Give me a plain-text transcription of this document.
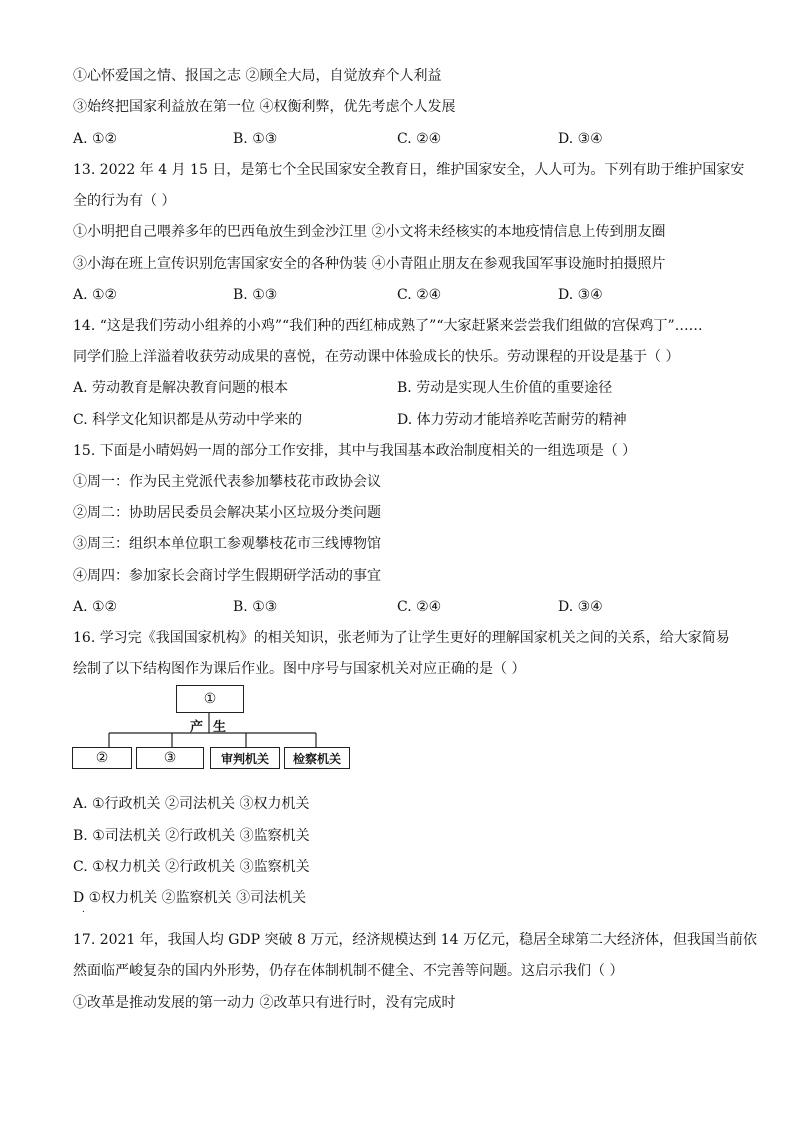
①心怀爱国之情、报国之志 ②顾全大局，自觉放弃个人利益
③始终把国家利益放在第一位 ④权衡利弊，优先考虑个人发展
A. ①②	B. ①③	C. ②④	D. ③④
13. 2022 年 4 月 15 日，是第七个全民国家安全教育日，维护国家安全，人人可为。下列有助于维护国家安
全的行为有（ ）
①小明把自己喂养多年的巴西龟放生到金沙江里 ②小文将未经核实的本地疫情信息上传到朋友圈
③小海在班上宣传识别危害国家安全的各种伪装 ④小青阻止朋友在参观我国军事设施时拍摄照片
A. ①②	B. ①③	C. ②④	D. ③④
14. “这是我们劳动小组养的小鸡”“我们种的西红柿成熟了”“大家赶紧来尝尝我们组做的宫保鸡丁”……
同学们脸上洋溢着收获劳动成果的喜悦，在劳动课中体验成长的快乐。劳动课程的开设是基于（ ）
A. 劳动教育是解决教育问题的根本	B. 劳动是实现人生价值的重要途径
C. 科学文化知识都是从劳动中学来的	D. 体力劳动才能培养吃苦耐劳的精神
15. 下面是小晴妈妈一周的部分工作安排，其中与我国基本政治制度相关的一组选项是（ ）
①周一：作为民主党派代表参加攀枝花市政协会议
②周二：协助居民委员会解决某小区垃圾分类问题
③周三：组织本单位职工参观攀枝花市三线博物馆
④周四：参加家长会商讨学生假期研学活动的事宜
A. ①②	B. ①③	C. ②④	D. ③④
16. 学习完《我国国家机构》的相关知识，张老师为了让学生更好的理解国家机关之间的关系，给大家简易
绘制了以下结构图作为课后作业。图中序号与国家机关对应正确的是（ ）
①
产生
②	③	审判机关	检察机关
A. ①行政机关 ②司法机关 ③权力机关
B. ①司法机关 ②行政机关 ③监察机关
C. ①权力机关 ②行政机关 ③监察机关
D ①权力机关 ②监察机关 ③司法机关
.
17. 2021 年，我国人均 GDP 突破 8 万元，经济规模达到 14 万亿元，稳居全球第二大经济体，但我国当前依
然面临严峻复杂的国内外形势，仍存在体制机制不健全、不完善等问题。这启示我们（ ）
①改革是推动发展的第一动力 ②改革只有进行时，没有完成时
